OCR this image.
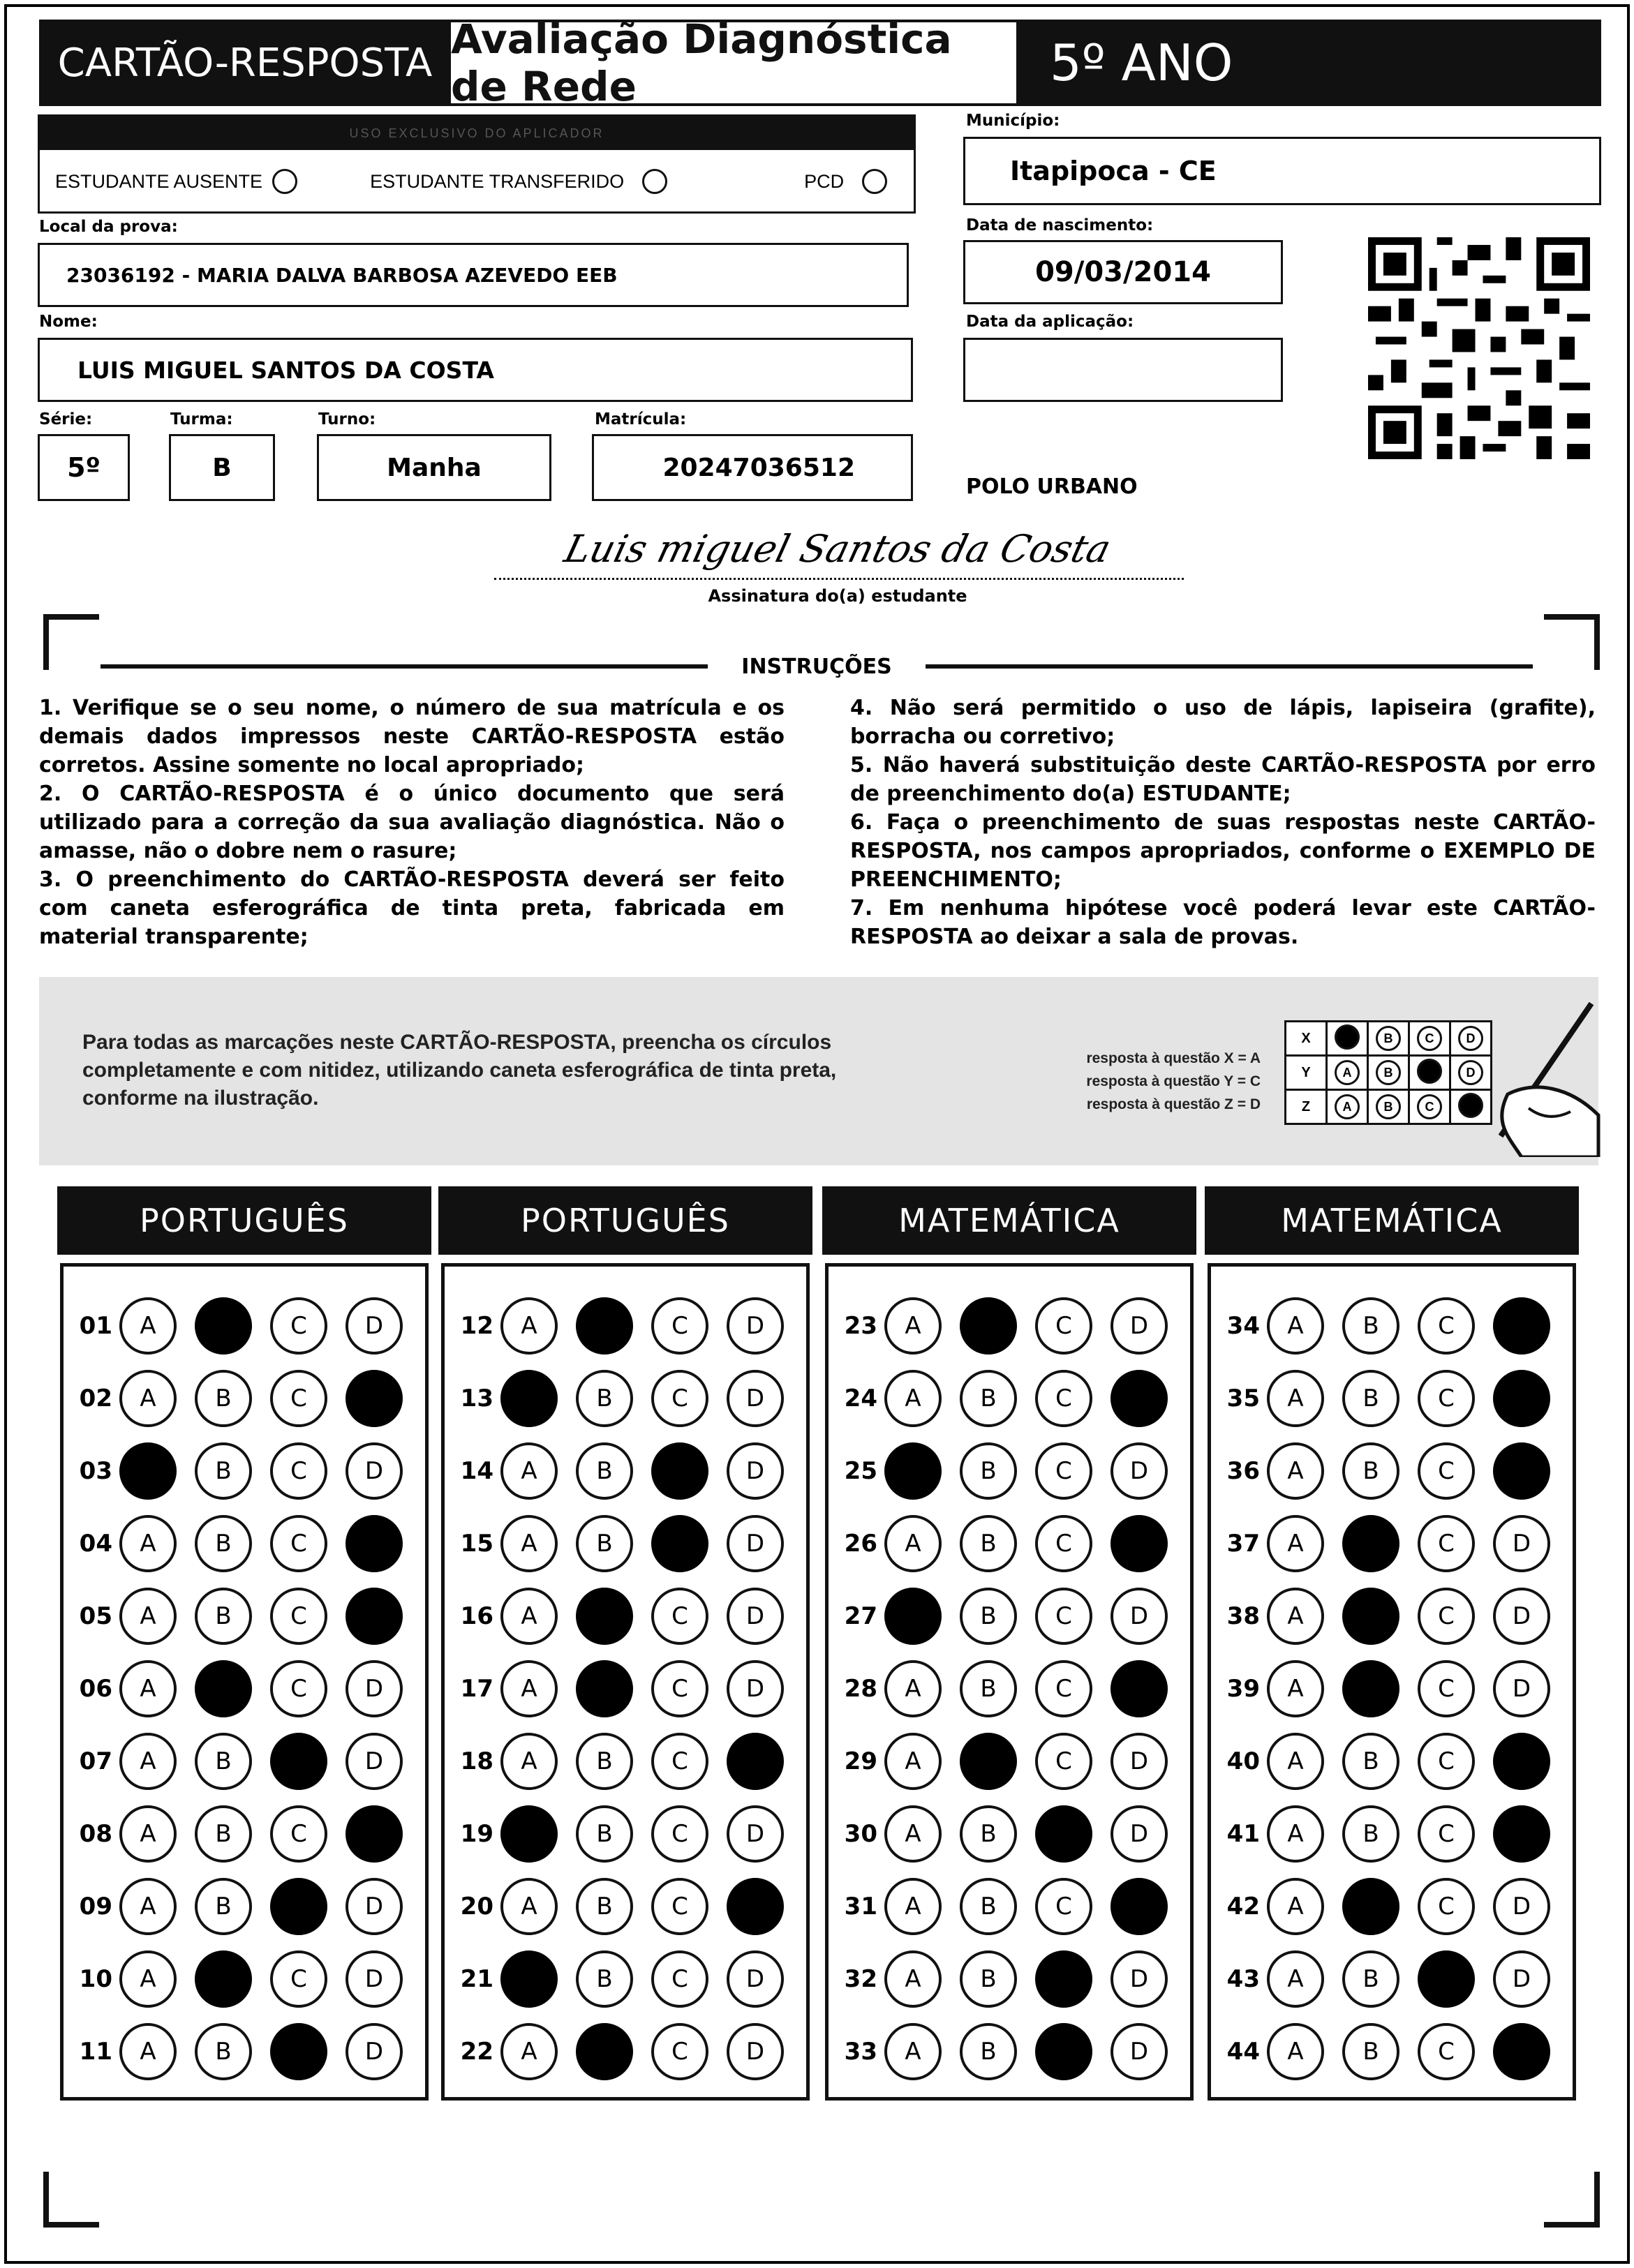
CARTÃO-RESPOSTA Avaliação Diagnóstica de Rede	5º ANO
USO EXCLUSIVO DO APLICADOR
ESTUDANTE AUSENTE	ESTUDANTE TRANSFERIDO	PCD
Município:
Itapipoca - CE
Local da prova:
23036192 - MARIA DALVA BARBOSA AZEVEDO EEB
Data de nascimento:
09/03/2014
Nome:
LUIS MIGUEL SANTOS DA COSTA
Data da aplicação:
Série:
5º
Turma:
B
Turno:
Manha
Matrícula:
20247036512
POLO URBANO
Luis miguel Santos da Costa
Assinatura do(a) estudante
INSTRUÇÕES

1. Verifique se o seu nome, o número de sua matrícula e os demais dados impressos neste CARTÃO-RESPOSTA estão corretos. Assine somente no local apropriado;

2. O CARTÃO-RESPOSTA é o único documento que será utilizado para a correção da sua avaliação diagnóstica. Não o amasse, não o dobre nem o rasure;

3. O preenchimento do CARTÃO-RESPOSTA deverá ser feito com caneta esferográfica de tinta preta, fabricada em material transparente;

4. Não será permitido o uso de lápis, lapiseira (grafite), borracha ou corretivo;

5. Não haverá substituição deste CARTÃO-RESPOSTA por erro de preenchimento do(a) ESTUDANTE;

6. Faça o preenchimento de suas respostas neste CARTÃO-RESPOSTA, nos campos apropriados, conforme o EXEMPLO DE PREENCHIMENTO;

7. Em nenhuma hipótese você poderá levar este CARTÃO-RESPOSTA ao deixar a sala de provas.

Para todas as marcações neste CARTÃO-RESPOSTA, preencha os círculos completamente e com nitidez, utilizando caneta esferográfica de tinta preta, conforme na ilustração.
resposta à questão X = A
resposta à questão Y = C
resposta à questão Z = D
X		B	C	D
Y	A	B		D
Z	A	B	C	
PORTUGUÊS
01	A	C	D
02	A	B	C
03	B	C	D
04	A	B	C
05	A	B	C
06	A	C	D
07	A	B	D
08	A	B	C
09	A	B	D
10	A	C	D
11	A	B	D
PORTUGUÊS
12	A	C	D
13	B	C	D
14	A	B	D
15	A	B	D
16	A	C	D
17	A	C	D
18	A	B	C
19	B	C	D
20	A	B	C
21	B	C	D
22	A	C	D
MATEMÁTICA
23	A	C	D
24	A	B	C
25	B	C	D
26	A	B	C
27	B	C	D
28	A	B	C
29	A	C	D
30	A	B	D
31	A	B	C
32	A	B	D
33	A	B	D
MATEMÁTICA
34	A	B	C
35	A	B	C
36	A	B	C
37	A	C	D
38	A	C	D
39	A	C	D
40	A	B	C
41	A	B	C
42	A	C	D
43	A	B	D
44	A	B	C
